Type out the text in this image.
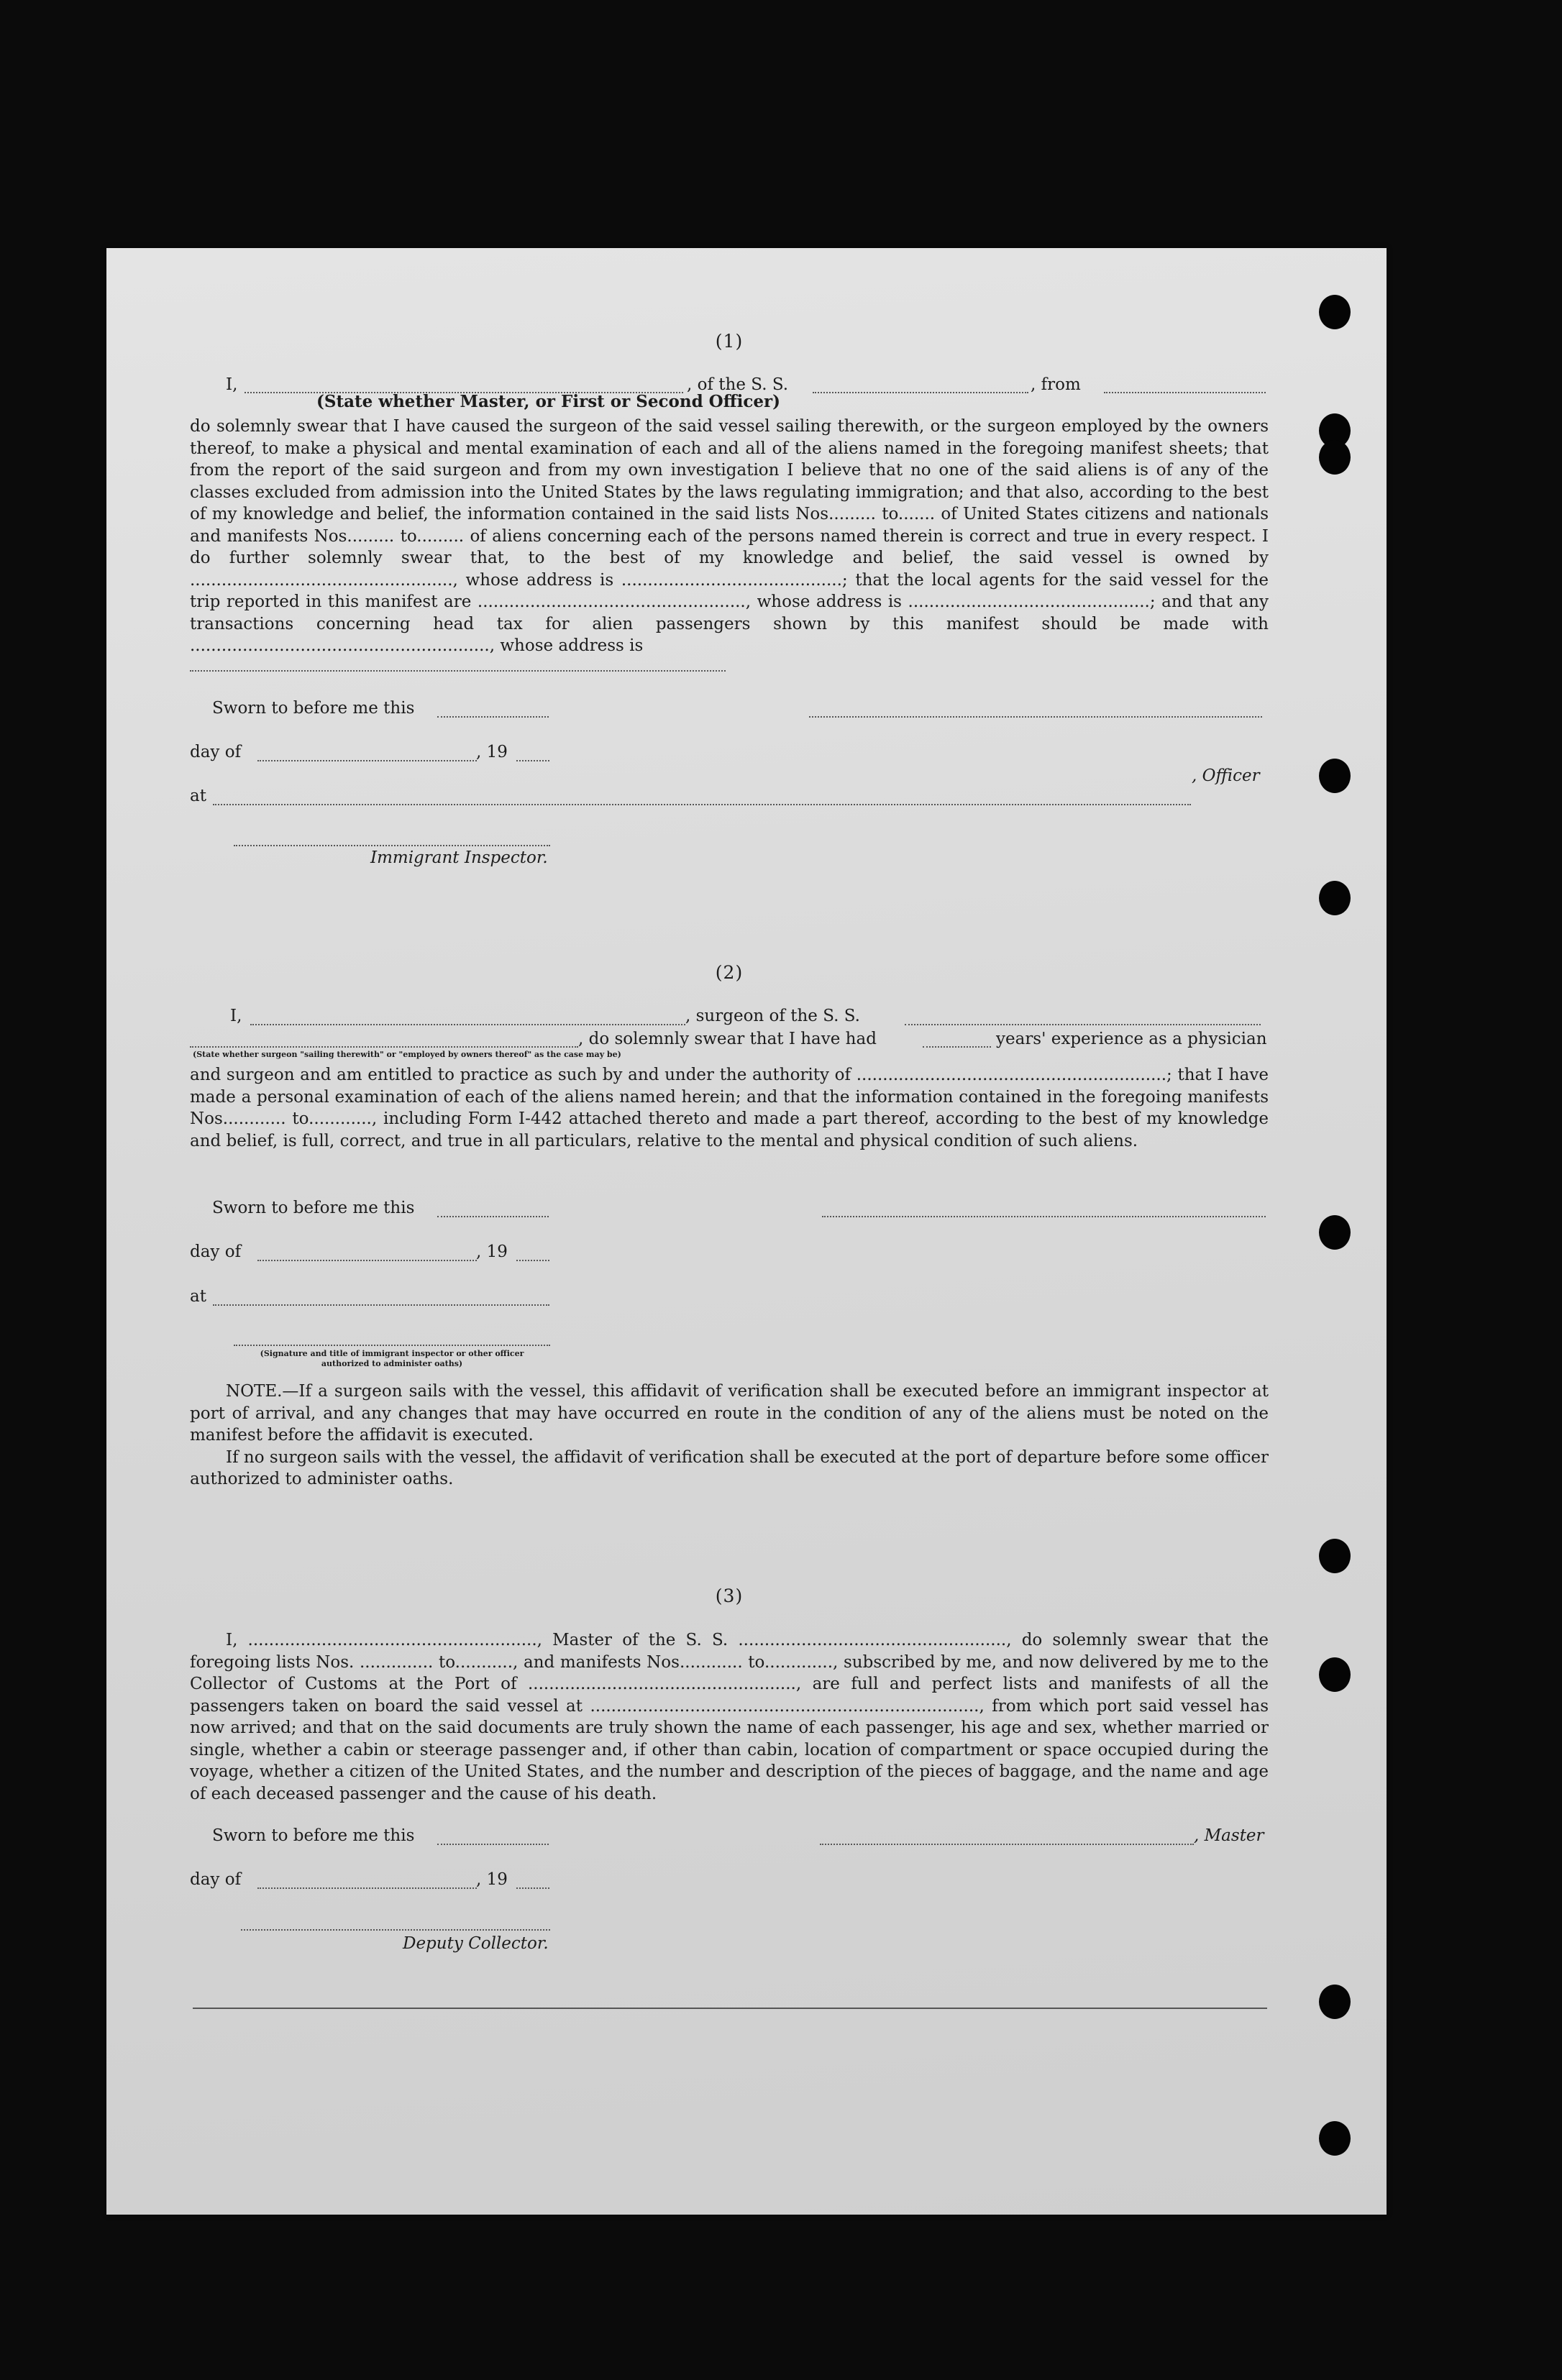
(1)

I,	, of the S. S.	, from
(State whether Master, or First or Second Officer)

do solemnly swear that I have caused the surgeon of the said vessel sailing therewith, or the surgeon employed by the owners thereof, to make a physical and mental examination of each and all of the aliens named in the foregoing manifest sheets; that from the report of the said surgeon and from my own investigation I believe that no one of the said aliens is of any of the classes excluded from admission into the United States by the laws regulating immigration; and that also, according to the best of my knowledge and belief, the information contained in the said lists Nos......... to....... of United States citizens and nationals and manifests Nos......... to......... of aliens concerning each of the persons named therein is correct and true in every respect. I do further solemnly swear that, to the best of my knowledge and belief, the said vessel is owned by .................................................., whose address is ..........................................; that the local agents for the said vessel for the trip reported in this manifest are ..................................................., whose address is ..............................................; and that any transactions concerning head tax for alien passengers shown by this manifest should be made with ........................................................., whose address is

Sworn to before me this
day of	, 19
at
, Officer
Immigrant Inspector.

(2)

I,	, surgeon of the S. S.
, do solemnly swear that I have had	years' experience as a physician
(State whether surgeon "sailing therewith" or "employed by owners thereof" as the case may be)

and surgeon and am entitled to practice as such by and under the authority of ...........................................................; that I have made a personal examination of each of the aliens named herein; and that the information contained in the foregoing manifests Nos............ to............, including Form I-442 attached thereto and made a part thereof, according to the best of my knowledge and belief, is full, correct, and true in all particulars, relative to the mental and physical condition of such aliens.

Sworn to before me this
day of	, 19
at
(Signature and title of immigrant inspector or other officer authorized to administer oaths)

NOTE.—If a surgeon sails with the vessel, this affidavit of verification shall be executed before an immigrant inspector at port of arrival, and any changes that may have occurred en route in the condition of any of the aliens must be noted on the manifest before the affidavit is executed.

If no surgeon sails with the vessel, the affidavit of verification shall be executed at the port of departure before some officer authorized to administer oaths.

(3)

I, ......................................................., Master of the S. S. ..................................................., do solemnly swear that the foregoing lists Nos. .............. to..........., and manifests Nos............ to............., subscribed by me, and now delivered by me to the Collector of Customs at the Port of ..................................................., are full and perfect lists and manifests of all the passengers taken on board the said vessel at .........................................................................., from which port said vessel has now arrived; and that on the said documents are truly shown the name of each passenger, his age and sex, whether married or single, whether a cabin or steerage passenger and, if other than cabin, location of compartment or space occupied during the voyage, whether a citizen of the United States, and the number and description of the pieces of baggage, and the name and age of each deceased passenger and the cause of his death.

Sworn to before me this	, Master
day of	, 19
Deputy Collector.
